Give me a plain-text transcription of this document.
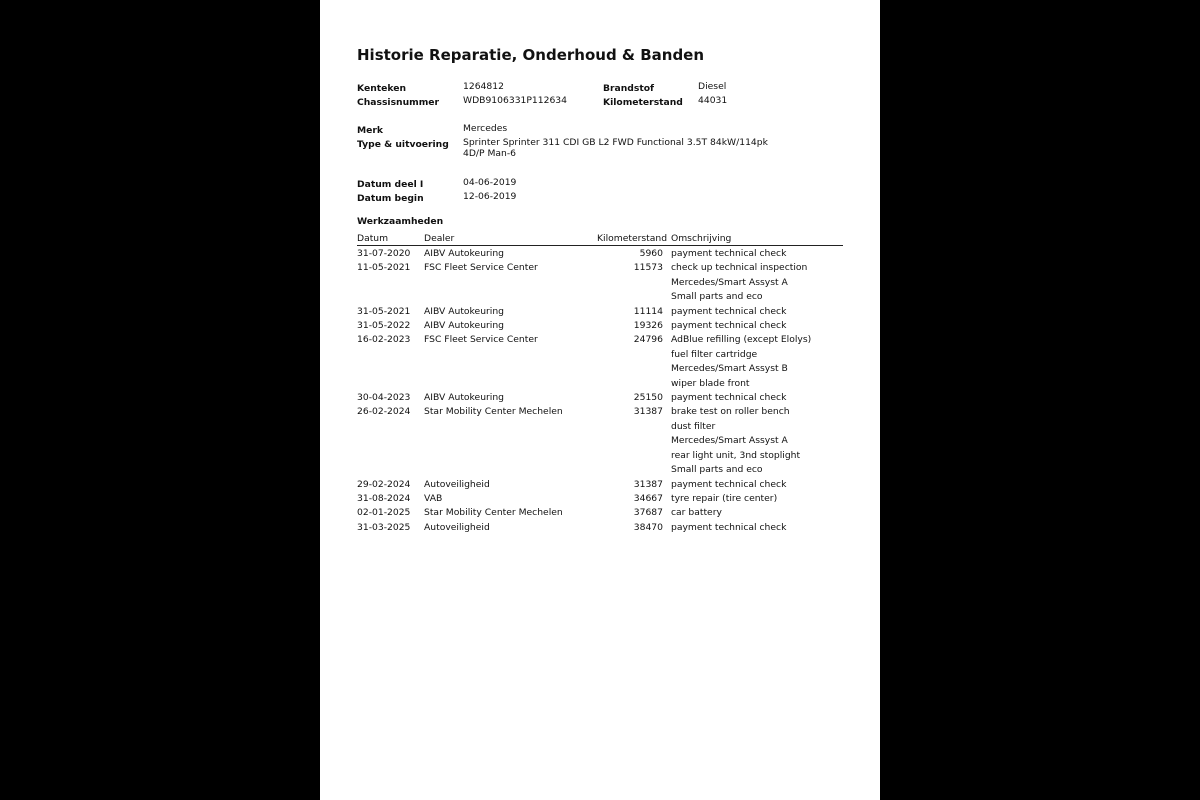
Historie Reparatie, Onderhoud & Banden
Kenteken	1264812	Brandstof	Diesel
Chassisnummer	WDB9106331P112634	Kilometerstand 44031
Merk	Mercedes
Type & uitvoering Sprinter Sprinter 311 CDI GB L2 FWD Functional 3.5T 84kW/114pk
4D/P Man-6
Datum deel I	04-06-2019
Datum begin	12-06-2019
Werkzaamheden
Datum	Dealer	Kilometerstand Omschrijving
31-07-2020 AIBV Autokeuring	5960 payment technical check
11-05-2021 FSC Fleet Service Center	11573 check up technical inspection
Mercedes/Smart Assyst A
Small parts and eco
31-05-2021 AIBV Autokeuring	11114 payment technical check
31-05-2022 AIBV Autokeuring	19326 payment technical check
16-02-2023 FSC Fleet Service Center	24796 AdBlue refilling (except Elolys)
fuel filter cartridge
Mercedes/Smart Assyst B
wiper blade front
30-04-2023 AIBV Autokeuring	25150 payment technical check
26-02-2024 Star Mobility Center Mechelen	31387 brake test on roller bench
dust filter
Mercedes/Smart Assyst A
rear light unit, 3nd stoplight
Small parts and eco
29-02-2024 Autoveiligheid	31387 payment technical check
31-08-2024 VAB	34667 tyre repair (tire center)
02-01-2025 Star Mobility Center Mechelen	37687 car battery
31-03-2025 Autoveiligheid	38470 payment technical check
